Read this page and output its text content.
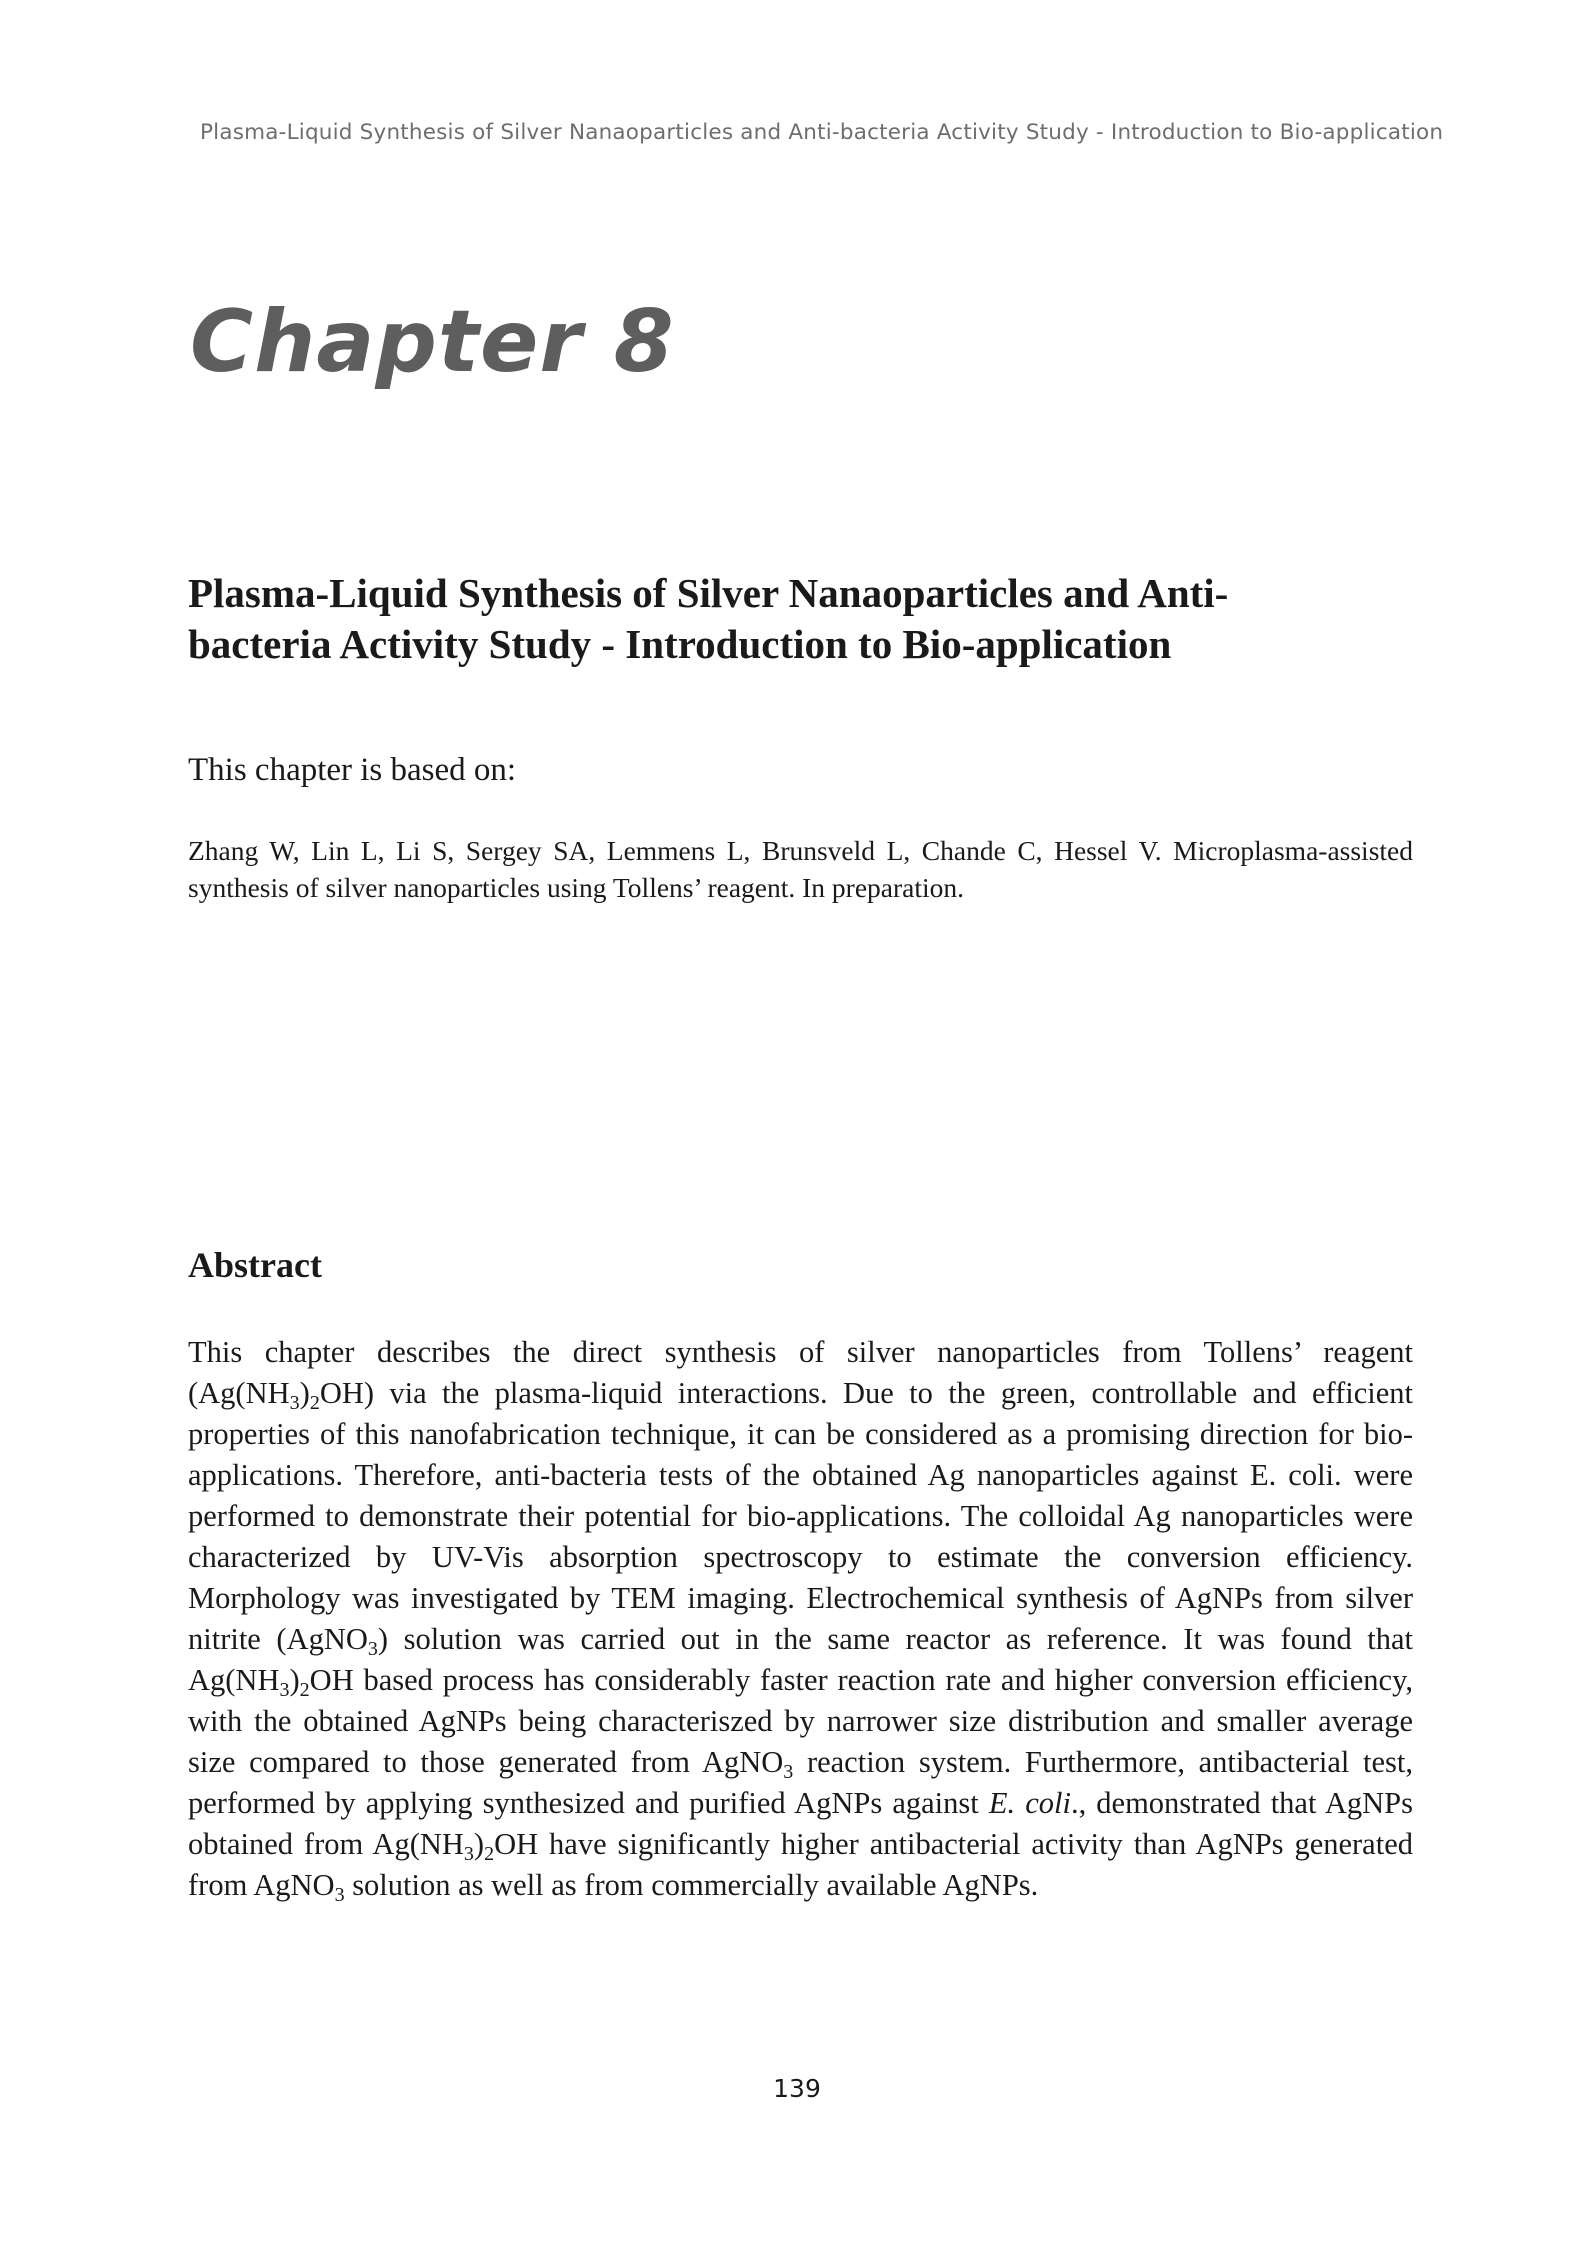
Plasma-Liquid Synthesis of Silver Nanaoparticles and Anti-bacteria Activity Study - Introduction to Bio-application
Chapter 8
Plasma-Liquid Synthesis of Silver Nanaoparticles and Anti-bacteria Activity Study - Introduction to Bio-application
This chapter is based on:
Zhang W, Lin L, Li S, Sergey SA, Lemmens L, Brunsveld L, Chande C, Hessel V. Microplasma-assisted synthesis of silver nanoparticles using Tollens’ reagent. In preparation.
Abstract

This chapter describes the direct synthesis of silver nanoparticles from Tollens’ reagent $(Ag(NH_3)_2OH)$ via the plasma-liquid interactions. Due to the green, controllable and efficient properties of this nanofabrication technique, it can be considered as a promising direction for bio-applications. Therefore, anti-bacteria tests of the obtained Ag nanoparticles against E. coli. were performed to demonstrate their potential for bio-applications. The colloidal Ag nanoparticles were characterized by UV-Vis absorption spectroscopy to estimate the conversion efficiency. Morphology was investigated by TEM imaging. Electrochemical synthesis of AgNPs from silver nitrite (AgNO$_3$) solution was carried out in the same reactor as reference. It was found that $Ag(NH_3)_2OH$ based process has considerably faster reaction rate and higher conversion efficiency, with the obtained AgNPs being characteriszed by narrower size distribution and smaller average size compared to those generated from AgNO$_3$ reaction system. Furthermore, antibacterial test, performed by applying synthesized and purified AgNPs against E. coli., demonstrated that AgNPs obtained from $Ag(NH_3)_2OH$ have significantly higher antibacterial activity than AgNPs generated from AgNO$_3$ solution as well as from commercially available AgNPs.

139
